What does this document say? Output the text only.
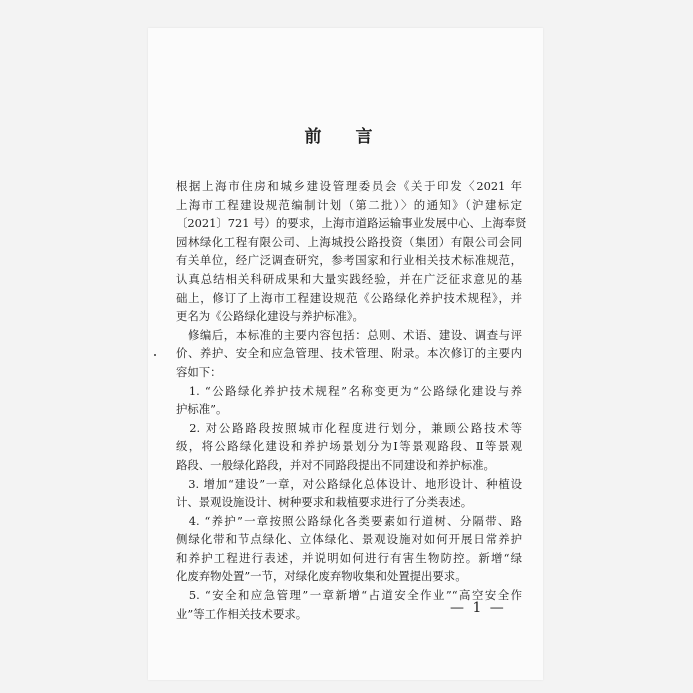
前 言
根据上海市住房和城乡建设管理委员会《关于印发〈2021 年
上海市工程建设规范编制计划（第二批）〉的通知》（沪建标定
〔2021〕721 号）的要求，上海市道路运输事业发展中心、上海奉贤
园林绿化工程有限公司、上海城投公路投资（集团）有限公司会同
有关单位，经广泛调查研究，参考国家和行业相关技术标准规范，
认真总结相关科研成果和大量实践经验，并在广泛征求意见的基
础上，修订了上海市工程建设规范《公路绿化养护技术规程》，并
更名为《公路绿化建设与养护标准》。
　修编后，本标准的主要内容包括：总则、术语、建设、调查与评
价、养护、安全和应急管理、技术管理、附录。本次修订的主要内
容如下：
　1. “公路绿化养护技术规程”名称变更为“公路绿化建设与养
护标准”。
　2. 对公路路段按照城市化程度进行划分，兼顾公路技术等
级，将公路绿化建设和养护场景划分为Ⅰ等景观路段、Ⅱ等景观
路段、一般绿化路段，并对不同路段提出不同建设和养护标准。
　3. 增加“建设”一章，对公路绿化总体设计、地形设计、种植设
计、景观设施设计、树种要求和栽植要求进行了分类表述。
　4. “养护”一章按照公路绿化各类要素如行道树、分隔带、路
侧绿化带和节点绿化、立体绿化、景观设施对如何开展日常养护
和养护工程进行表述，并说明如何进行有害生物防控。新增“绿
化废弃物处置”一节，对绿化废弃物收集和处置提出要求。
　5. “安全和应急管理”一章新增“占道安全作业”“高空安全作
业”等工作相关技术要求。	— 1 —
